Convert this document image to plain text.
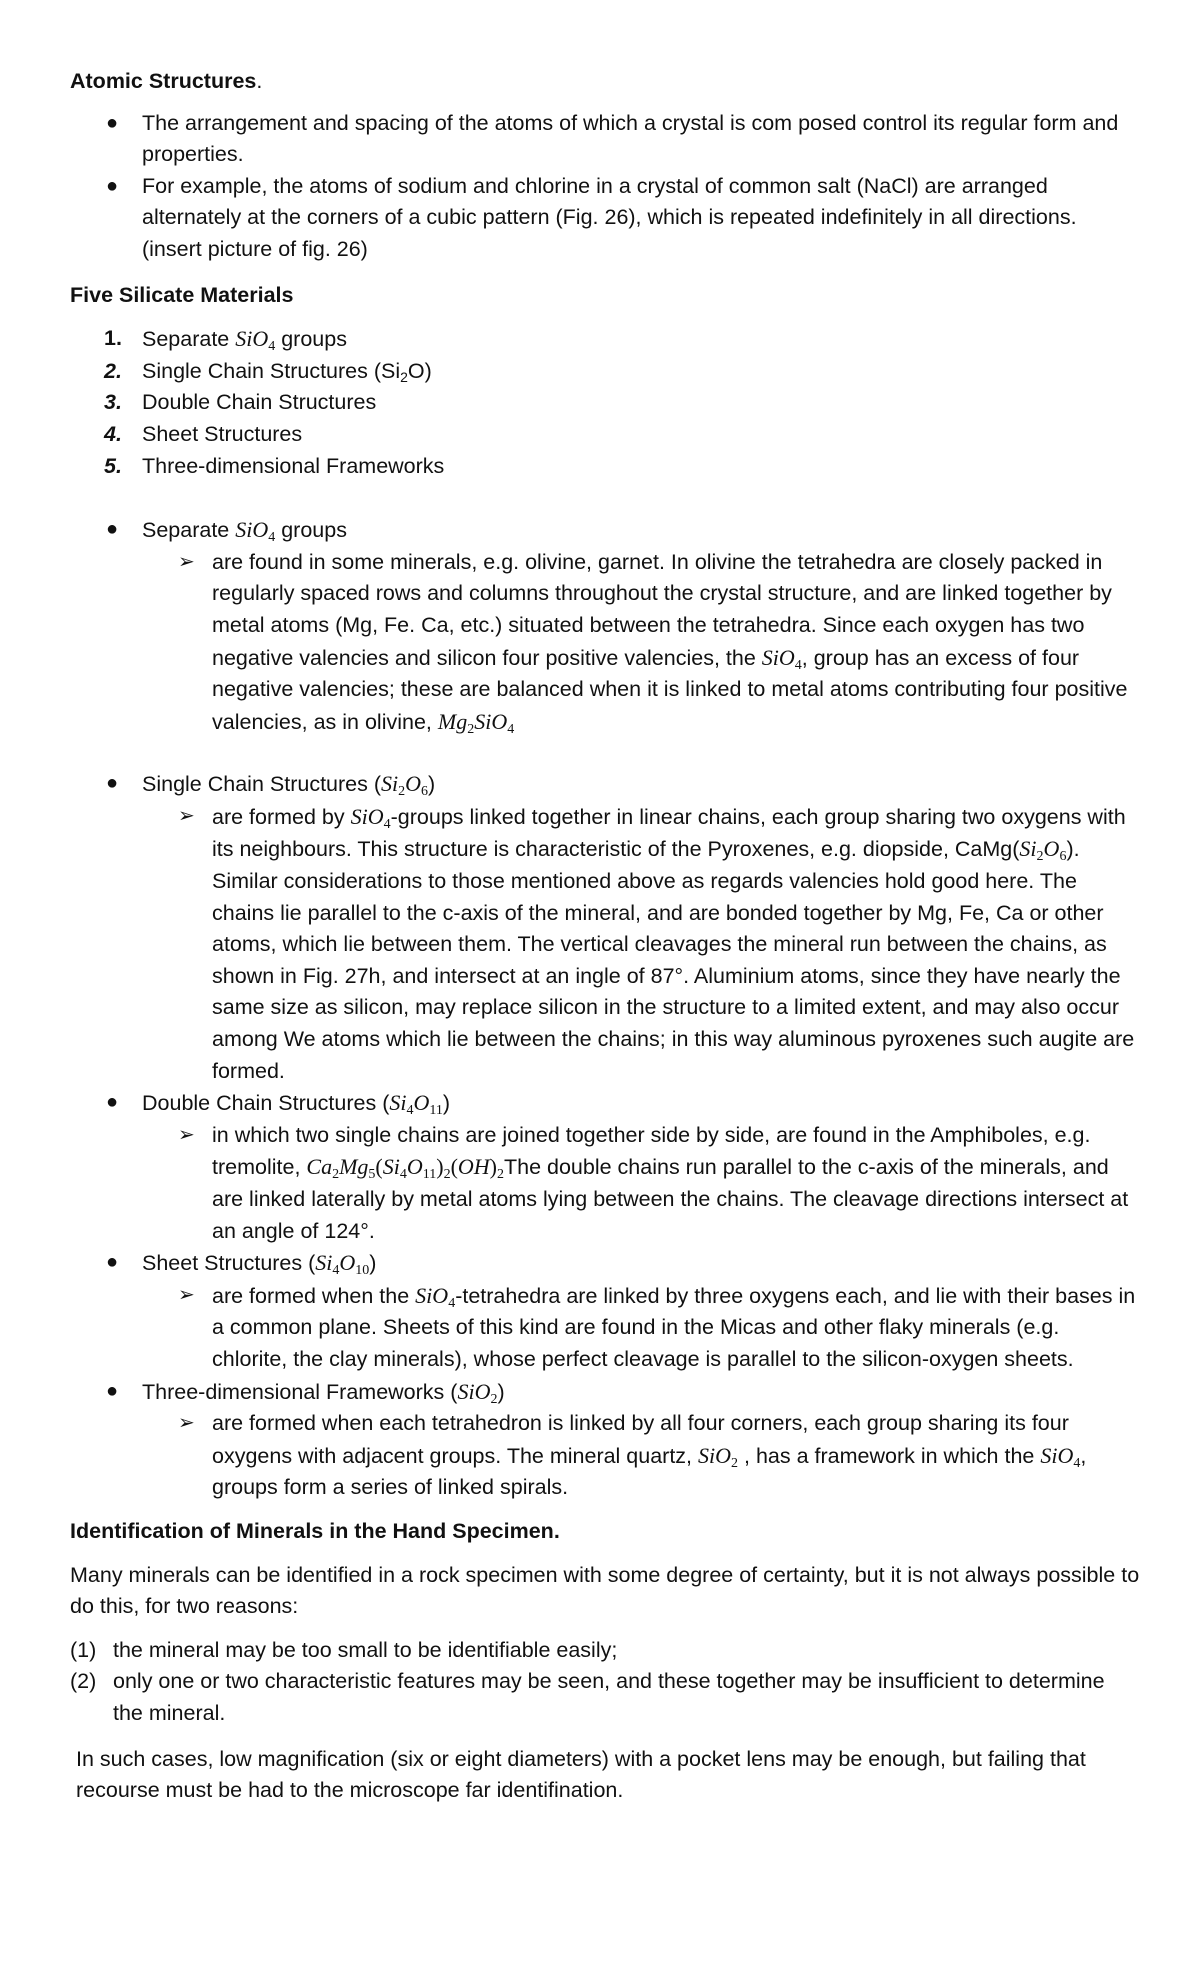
Atomic Structures.

● The arrangement and spacing of the atoms of which a crystal is com posed control its regular form and properties.
● For example, the atoms of sodium and chlorine in a crystal of common salt (NaCl) are arranged alternately at the corners of a cubic pattern (Fig. 26), which is repeated indefinitely in all directions. (insert picture of fig. 26)

Five Silicate Materials

1. Separate SiO$_4$ groups
2. Single Chain Structures $(Si_2O)$
3. Double Chain Structures
4. Sheet Structures
5. Three-dimensional Frameworks
● Separate SiO$_4$ groups
➢ are found in some minerals, e.g. olivine, garnet. In olivine the tetrahedra are closely packed in regularly spaced rows and columns throughout the crystal structure, and are linked together by metal atoms (Mg, Fe. Ca, etc.) situated between the tetrahedra. Since each oxygen has two negative valencies and silicon four positive valencies, the SiO$_4$, group has an excess of four negative valencies; these are balanced when it is linked to metal atoms contributing four positive valencies, as in olivine, $Mg_2SiO_4$
● Single Chain Structures $(Si_2O_6)$
➢ are formed by SiO$_4$-groups linked together in linear chains, each group sharing two oxygens with its neighbours. This structure is characteristic of the Pyroxenes, e.g. diopside, $CaMg(Si_2O_6)$. Similar considerations to those mentioned above as regards valencies hold good here. The chains lie parallel to the c-axis of the mineral, and are bonded together by Mg, Fe, Ca or other atoms, which lie between them. The vertical cleavages the mineral run between the chains, as shown in Fig. 27h, and intersect at an ingle of 87°. Aluminium atoms, since they have nearly the same size as silicon, may replace silicon in the structure to a limited extent, and may also occur among We atoms which lie between the chains; in this way aluminous pyroxenes such augite are formed.
● Double Chain Structures $(Si_4O_{11})$
➢ in which two single chains are joined together side by side, are found in the Amphiboles, e.g. tremolite, $Ca_2Mg_5(Si_4O_{11})_2(OH)_2The$ double chains run parallel to the c-axis of the minerals, and are linked laterally by metal atoms lying between the chains. The cleavage directions intersect at an angle of 124°.
● Sheet Structures $(Si_4O_{10})$
➢ are formed when the SiO$_4$-tetrahedra are linked by three oxygens each, and lie with their bases in a common plane. Sheets of this kind are found in the Micas and other flaky minerals (e.g. chlorite, the clay minerals), whose perfect cleavage is parallel to the silicon-oxygen sheets.
● Three-dimensional Frameworks (SiO$_2$)
➢ are formed when each tetrahedron is linked by all four corners, each group sharing its four oxygens with adjacent groups. The mineral quartz, SiO$_2$ , has a framework in which the SiO$_4$, groups form a series of linked spirals.

Identification of Minerals in the Hand Specimen.

Many minerals can be identified in a rock specimen with some degree of certainty, but it is not always possible to do this, for two reasons:

(1) the mineral may be too small to be identifiable easily;
(2) only one or two characteristic features may be seen, and these together may be insufficient to determine the mineral.

In such cases, low magnification (six or eight diameters) with a pocket lens may be enough, but failing that recourse must be had to the microscope far identifination.
